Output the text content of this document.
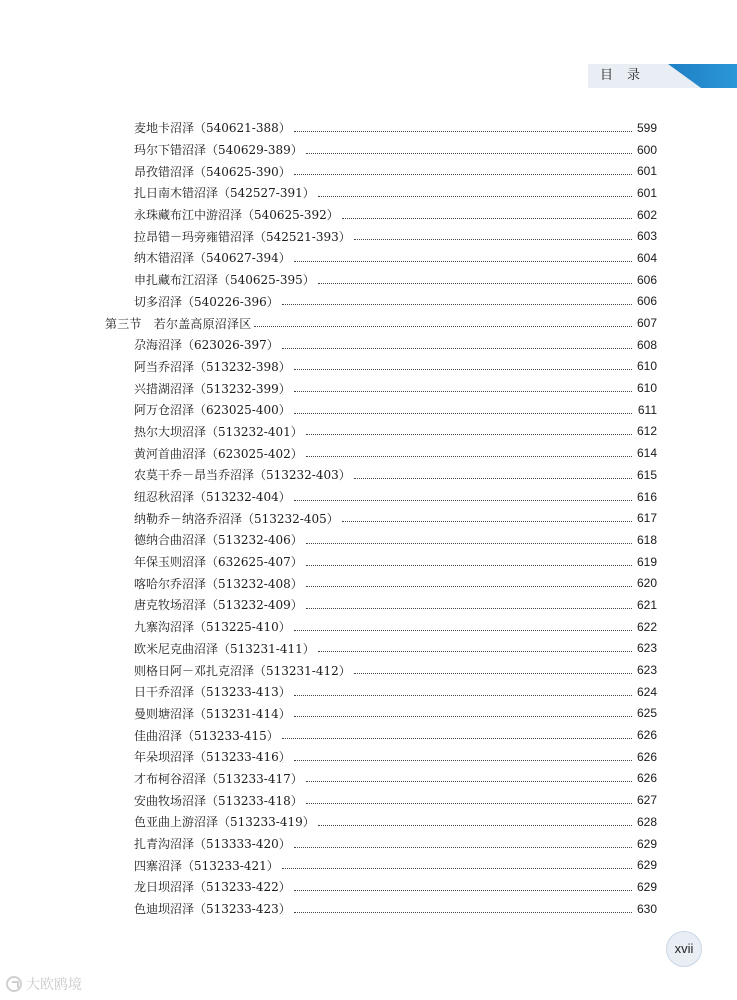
目录
麦地卡沼泽（540621-388）	599
玛尔下错沼泽（540629-389）	600
昂孜错沼泽（540625-390）	601
扎日南木错沼泽（542527-391）	601
永珠藏布江中游沼泽（540625-392）	602
拉昂错－玛旁雍错沼泽（542521-393）	603
纳木错沼泽（540627-394）	604
申扎藏布江沼泽（540625-395）	606
切多沼泽（540226-396）	606
第三节　若尔盖高原沼泽区	607
尕海沼泽（623026-397）	608
阿当乔沼泽（513232-398）	610
兴措湖沼泽（513232-399）	610
阿万仓沼泽（623025-400）	611
热尔大坝沼泽（513232-401）	612
黄河首曲沼泽（623025-402）	614
农莫干乔－昂当乔沼泽（513232-403）	615
纽忍秋沼泽（513232-404）	616
纳勒乔－纳洛乔沼泽（513232-405）	617
德纳合曲沼泽（513232-406）	618
年保玉则沼泽（632625-407）	619
喀哈尔乔沼泽（513232-408）	620
唐克牧场沼泽（513232-409）	621
九寨沟沼泽（513225-410）	622
欧米尼克曲沼泽（513231-411）	623
则格日阿－邓扎克沼泽（513231-412）	623
日干乔沼泽（513233-413）	624
曼则塘沼泽（513231-414）	625
佳曲沼泽（513233-415）	626
年朵坝沼泽（513233-416）	626
才布柯谷沼泽（513233-417）	626
安曲牧场沼泽（513233-418）	627
色亚曲上游沼泽（513233-419）	628
扎青沟沼泽（513333-420）	629
四寨沼泽（513233-421）	629
龙日坝沼泽（513233-422）	629
色迪坝沼泽（513233-423）	630
xvii
大欧鸥境
